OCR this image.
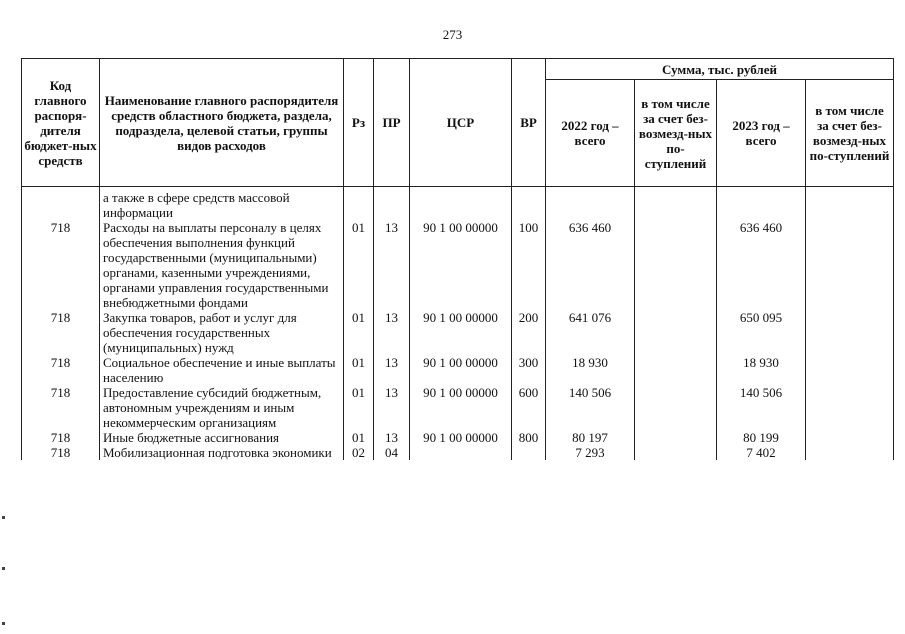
273
Код главного распоря-дителя бюджет-ных средств	Наименование главного распорядителя средств областного бюджета, раздела, подраздела, целевой статьи, группы видов расходов	Рз	ПР	ЦСР	ВР	Сумма, тыс. рублей			
						2022 год – всего	в том числе за счет без-возмезд-ных по-ступлений	2023 год – всего	в том числе за счет без-возмезд-ных по-ступлений
	а также в сфере средств массовой информации								
718	Расходы на выплаты персоналу в целях обеспечения выполнения функций государственными (муниципальными) органами, казенными учреждениями, органами управления государственными внебюджетными фондами	01	13	90 1 00 00000	100	636 460		636 460	
718	Закупка товаров, работ и услуг для обеспечения государственных (муниципальных) нужд	01	13	90 1 00 00000	200	641 076		650 095	
718	Социальное обеспечение и иные выплаты населению	01	13	90 1 00 00000	300	18 930		18 930	
718	Предоставление субсидий бюджетным, автономным учреждениям и иным некоммерческим организациям	01	13	90 1 00 00000	600	140 506		140 506	
718	Иные бюджетные ассигнования	01	13	90 1 00 00000	800	80 197		80 199	
718	Мобилизационная подготовка экономики	02	04			7 293		7 402	
